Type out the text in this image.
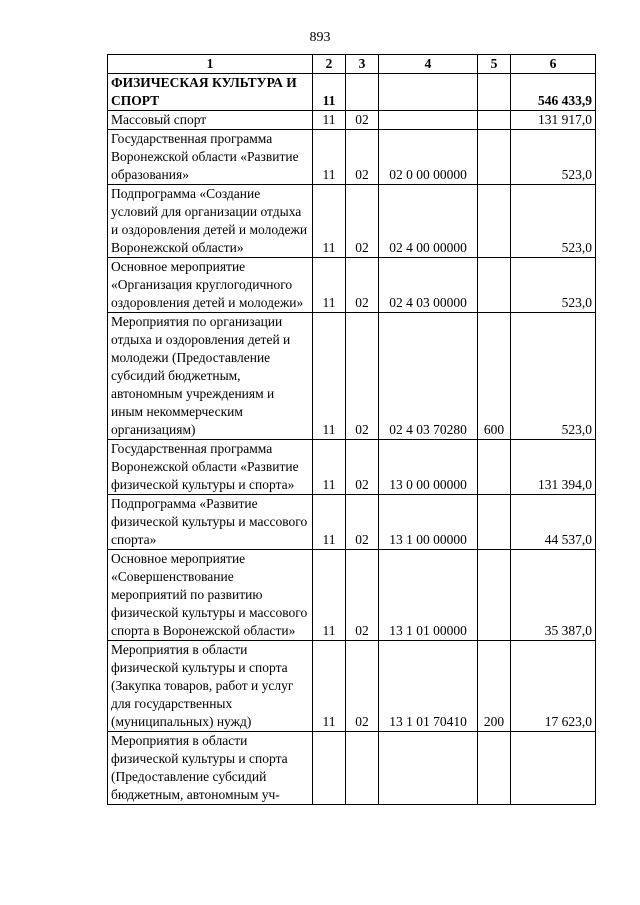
893
1	2	3	4	5	6
ФИЗИЧЕСКАЯ КУЛЬТУРА И СПОРТ	11				546 433,9
Массовый спорт	11	02			131 917,0
Государственная программа Воронежской области «Развитие образования»	11	02	02 0 00 00000		523,0
Подпрограмма «Создание условий для организации отдыха и оздоровления детей и молодежи Воронежской области»	11	02	02 4 00 00000		523,0
Основное мероприятие «Организация круглогодичного оздоровления детей и молодежи»	11	02	02 4 03 00000		523,0
Мероприятия по организации отдыха и оздоровления детей и молодежи (Предоставление субсидий бюджетным, автономным учреждениям и иным некоммерческим организациям)	11	02	02 4 03 70280	600	523,0
Государственная программа Воронежской области «Развитие физической культуры и спорта»	11	02	13 0 00 00000		131 394,0
Подпрограмма «Развитие физической культуры и массового спорта»	11	02	13 1 00 00000		44 537,0
Основное мероприятие «Совершенствование мероприятий по развитию физической культуры и массового спорта в Воронежской области»	11	02	13 1 01 00000		35 387,0
Мероприятия в области физической культуры и спорта (Закупка товаров, работ и услуг для государственных (муниципальных) нужд)	11	02	13 1 01 70410	200	17 623,0
Мероприятия в области физической культуры и спорта (Предоставление субсидий бюджетным, автономным уч-					
